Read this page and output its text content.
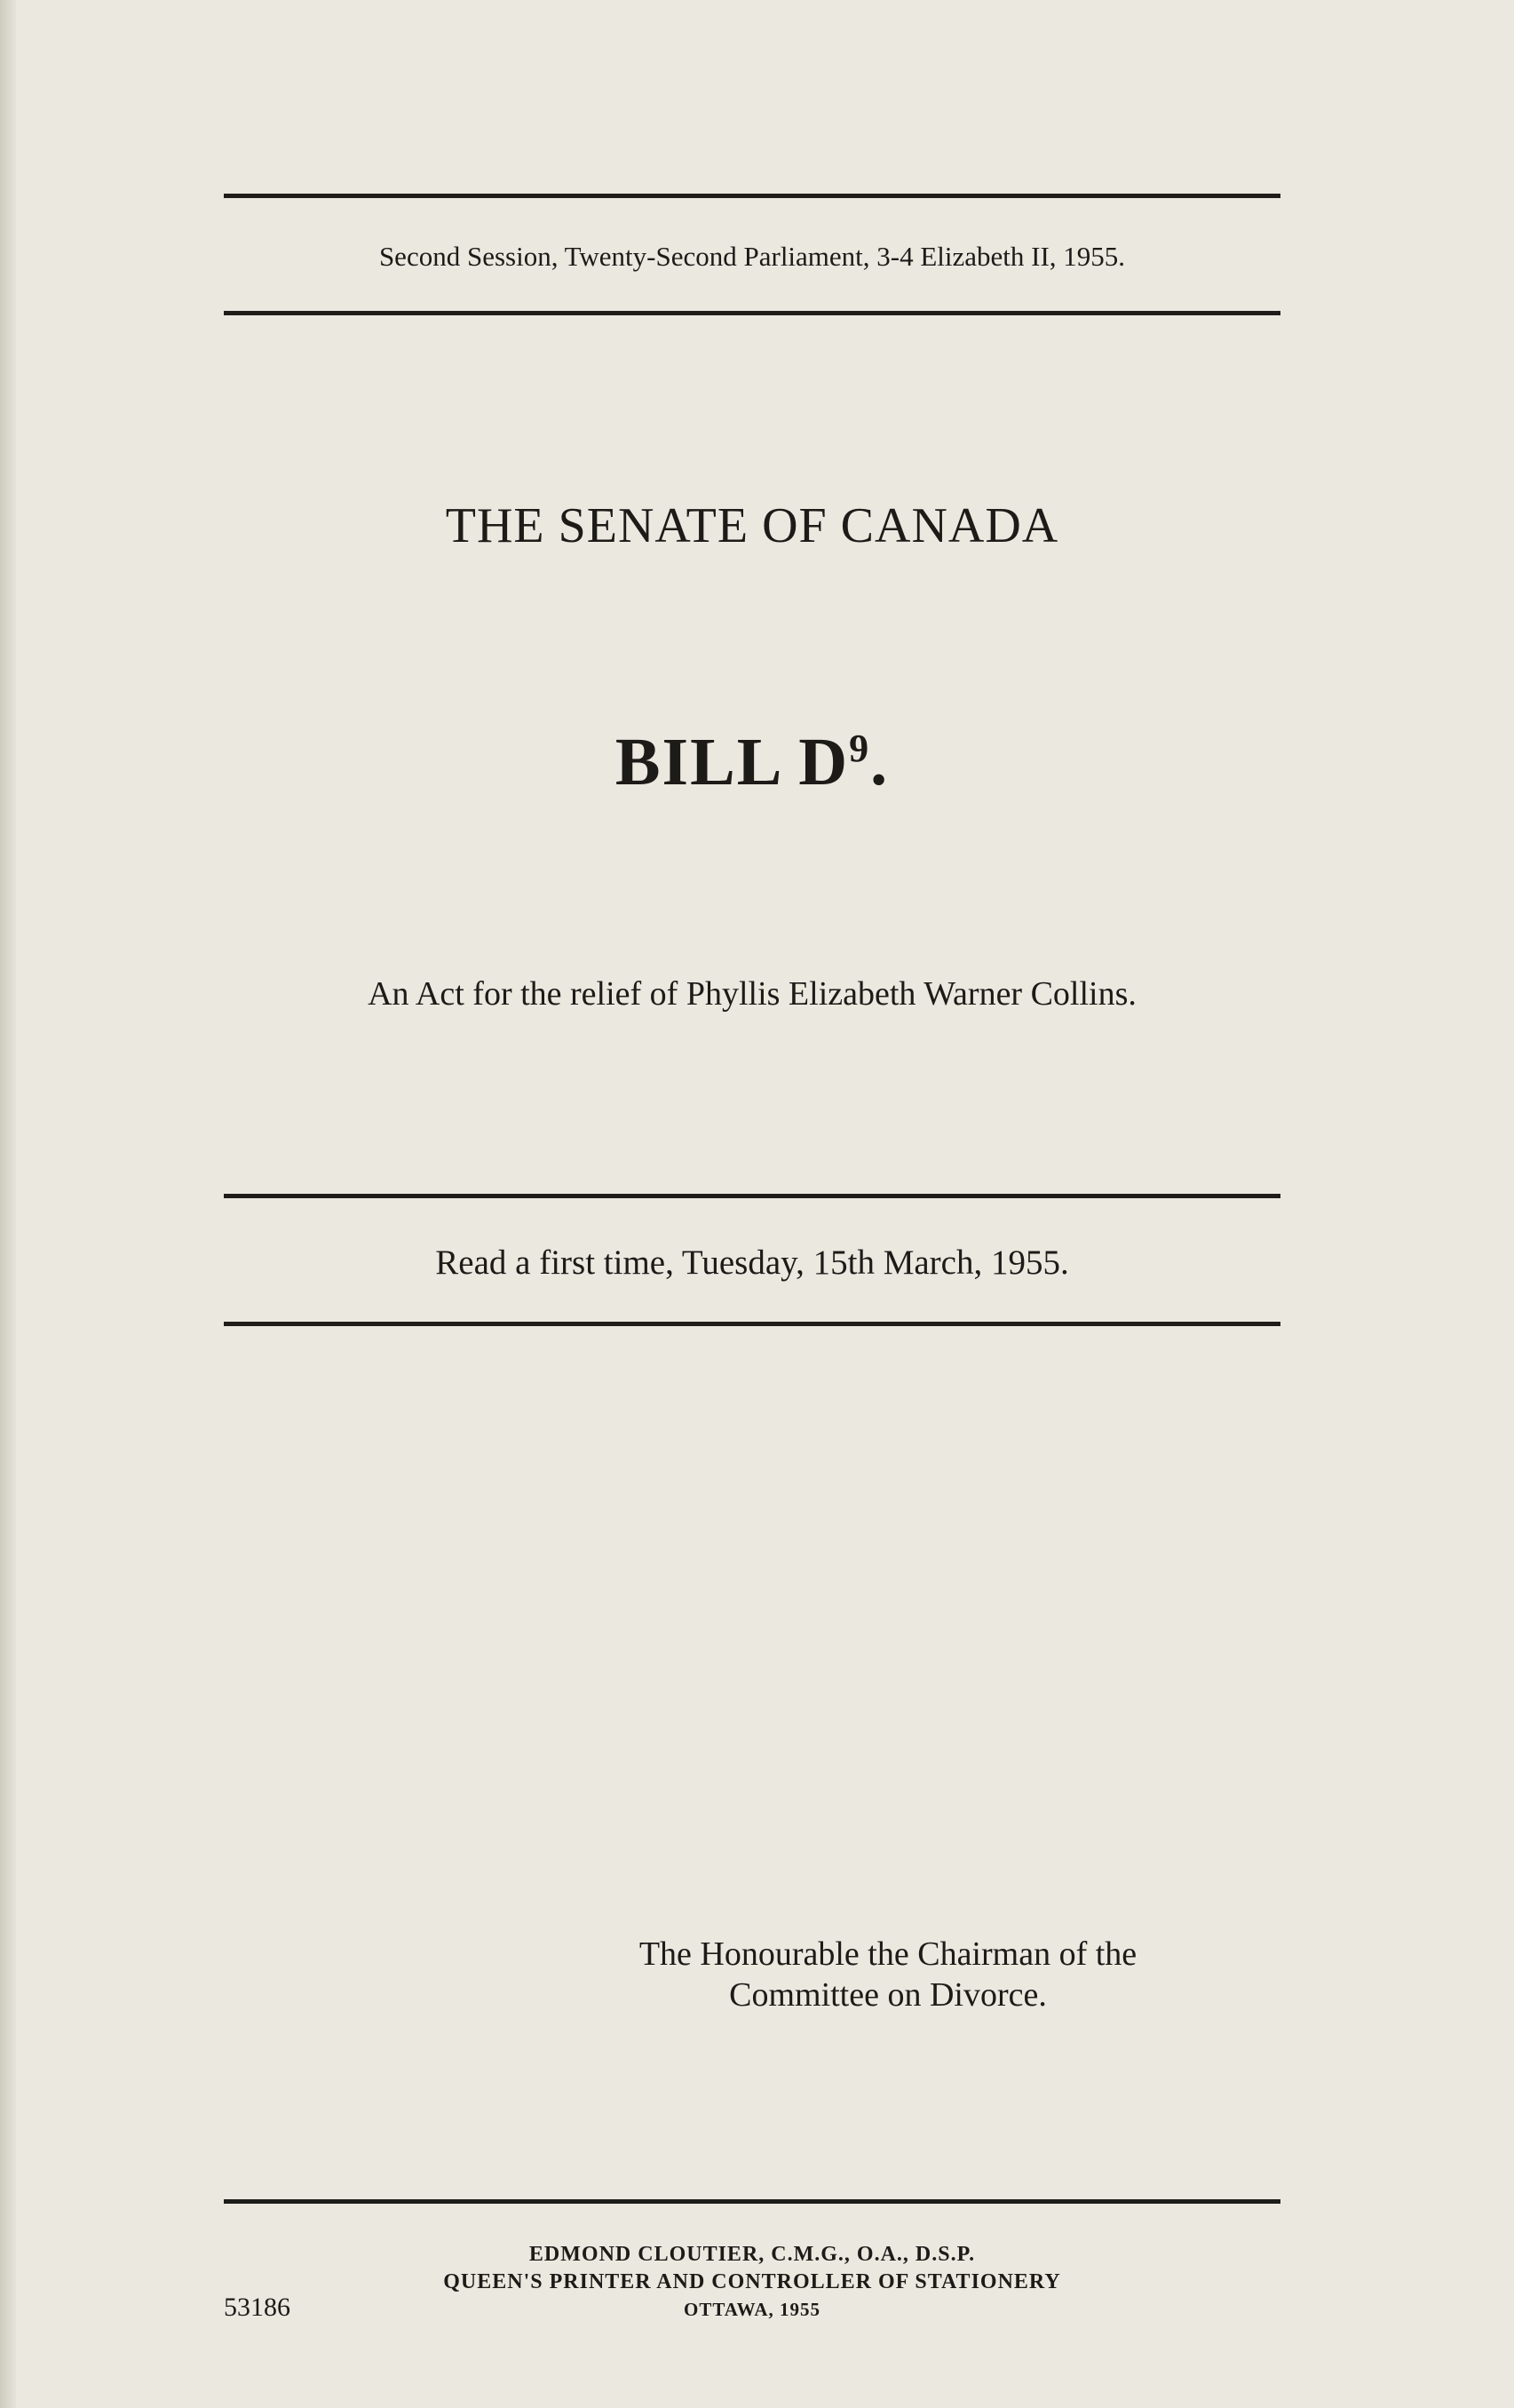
Second Session, Twenty-Second Parliament, 3-4 Elizabeth II, 1955.
THE SENATE OF CANADA
BILL $D^9$.
An Act for the relief of Phyllis Elizabeth Warner Collins.
Read a first time, Tuesday, 15th March, 1955.
The Honourable the Chairman of the
Committee on Divorce.
EDMOND CLOUTIER, C.M.G., O.A., D.S.P.
QUEEN'S PRINTER AND CONTROLLER OF STATIONERY
OTTAWA, 1955
53186
